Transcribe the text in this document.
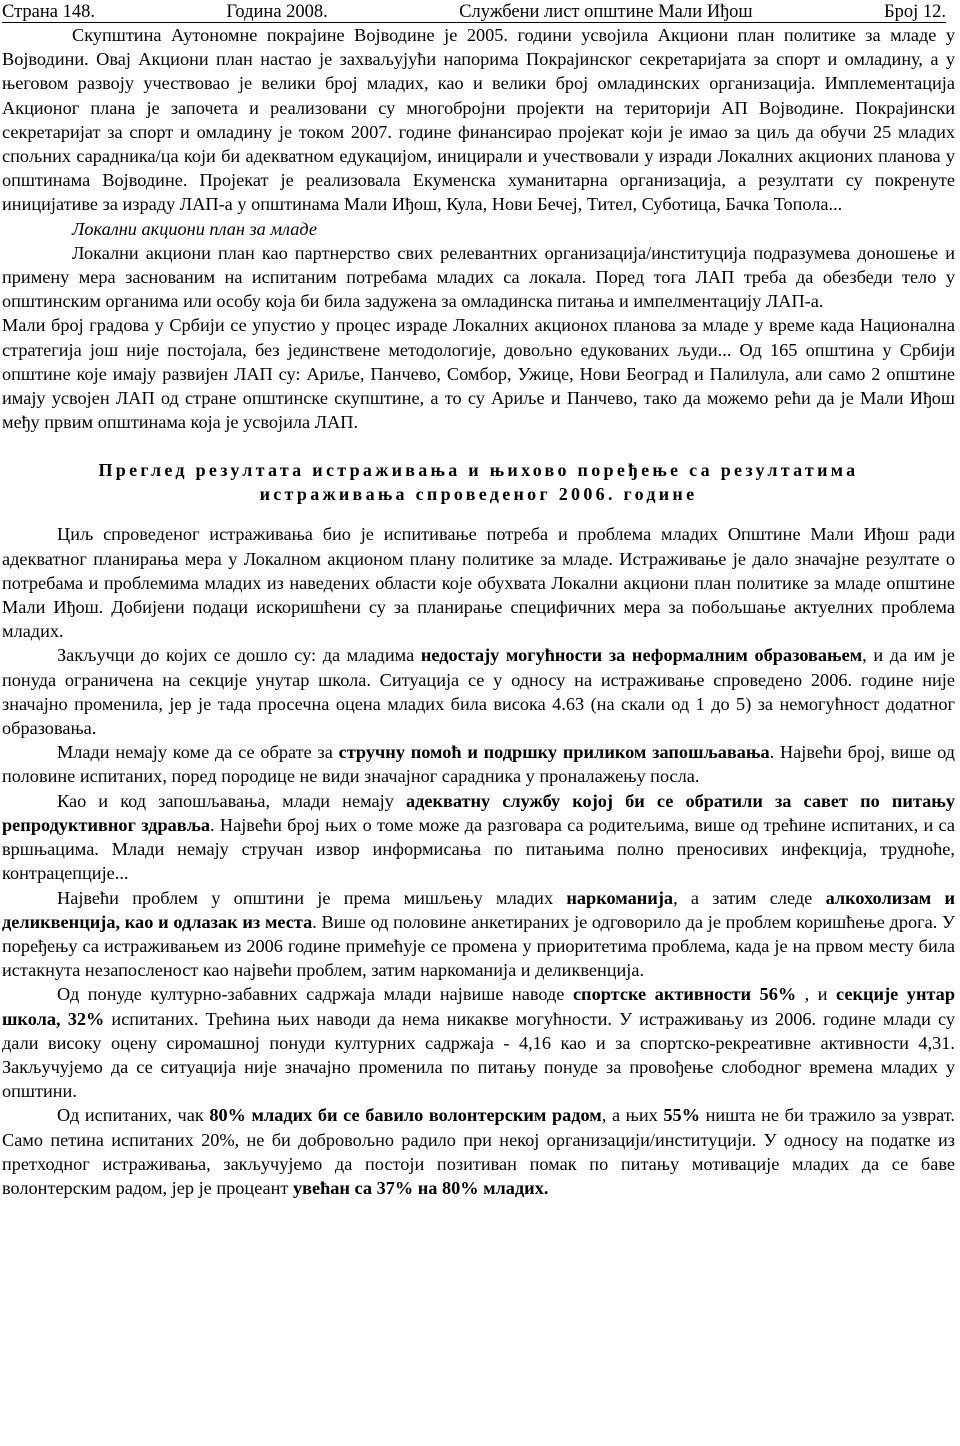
Страна 148.	Година 2008.	Службени лист општине Мали Иђош	Број 12.

Скупштина Аутономне покрајине Војводине је 2005. години усвојила Акциони план политике за младе у Војводини. Овај Акциони план настао је захваљујући напорима Покрајинског секретаријата за спорт и омладину, а у његовом развоју учествовао је велики број младих, као и велики број омладинских организација. Имплементација Акционог плана је започета и реализовани су многобројни пројекти на територији АП Војводине. Покрајински секретаријат за спорт и омладину је током 2007. године финансирао пројекат који је имао за циљ да обучи 25 младих спољних сарадника/ца који би адекватном едукацијом, иницирали и учествовали у изради Локалних акционих планова у општинама Војводине. Пројекат је реализовала Екуменска хуманитарна организација, а резултати су покренуте иницијативе за израду ЛАП-а у општинама Мали Иђош, Кула, Нови Бечеј, Тител, Суботица, Бачка Топола...

Локални акциони план за младе

Локални акциони план као партнерство свих релевантних организација/институција подразумева доношење и примену мера заснованим на испитаним потребама младих са локала. Поред тога ЛАП треба да обезбеди тело у општинским органима или особу која би била задужена за омладинска питања и импелментацију ЛАП-а.

Мали број градова у Србији се упустио у процес израде Локалних акционох планова за младе у време када Национална стратегија још није постојала, без јединствене методологије, довољно едукованих људи... Од 165 општина у Србији општине које имају развијен ЛАП су: Ариље, Панчево, Сомбор, Ужице, Нови Београд и Палилула, али само 2 општине имају усвојен ЛАП од стране општинске скупштине, а то су Ариље и Панчево, тако да можемо рећи да је Мали Иђош међу првим општинама која је усвојила ЛАП.

Преглед резултата истраживања и њихово поређење са резултатима
истраживања спроведеног 2006. године

Циљ спроведеног истраживања био је испитивање потреба и проблема младих Општине Мали Иђош ради адекватног планирања мера у Локалном акционом плану политике за младе. Истраживање је дало значајне резултате о потребама и проблемима младих из наведених области које обухвата Локални акциони план политике за младе општине Мали Иђош. Добијени подаци искоришћени су за планирање специфичних мера за побољшање актуелних проблема младих.

Закључци до којих се дошло су: да младима недостају могућности за неформалним образовањем, и да им је понуда ограничена на секције унутар школа. Ситуација се у односу на истраживање спроведено 2006. године није значајно променила, јер је тада просечна оцена младих била висока 4.63 (на скали од 1 до 5) за немогућност додатног образовања.

Млади немају коме да се обрате за стручну помоћ и подршку приликом запошљавања. Највећи број, више од половине испитаних, поред породице не види значајног сарадника у проналажењу посла.

Као и код запошљавања, млади немају адекватну службу којој би се обратили за савет по питању репродуктивног здравља. Највећи број њих о томе може да разговара са родитељима, више од трећине испитаних, и са вршњацима. Млади немају стручан извор информисања по питањима полно преносивих инфекција, трудноће, контрацепције...

Највећи проблем у општини је према мишљењу младих наркоманија, а затим следе алкохолизам и деликвенција, као и одлазак из места. Више од половине анкетираних је одговорило да је проблем коришћење дрога. У поређењу са истраживањем из 2006 године примећује се промена у приоритетима проблема, када је на првом месту била истакнута незапосленост као највећи проблем, затим наркоманија и деликвенција.

Од понуде културно-забавних садржаја млади највише наводе спортске активности 56% , и секције унтар школа, 32% испитаних. Трећина њих наводи да нема никакве могућности. У истраживању из 2006. године млади су дали високу оцену сиромашној понуди културних садржаја - 4,16 као и за спортско-рекреативне активности 4,31. Закључујемо да се ситуација није значајно променила по питању понуде за провођење слободног времена младих у општини.

Од испитаних, чак 80% младих би се бавило волонтерским радом, а њих 55% ништа не би тражило за узврат. Само петина испитаних 20%, не би добровољно радило при некој организацији/институцији. У односу на податке из претходног истраживања, закључујемо да постоји позитиван помак по питању мотивације младих да се баве волонтерским радом, јер је процеант увећан са 37% на 80% младих.
